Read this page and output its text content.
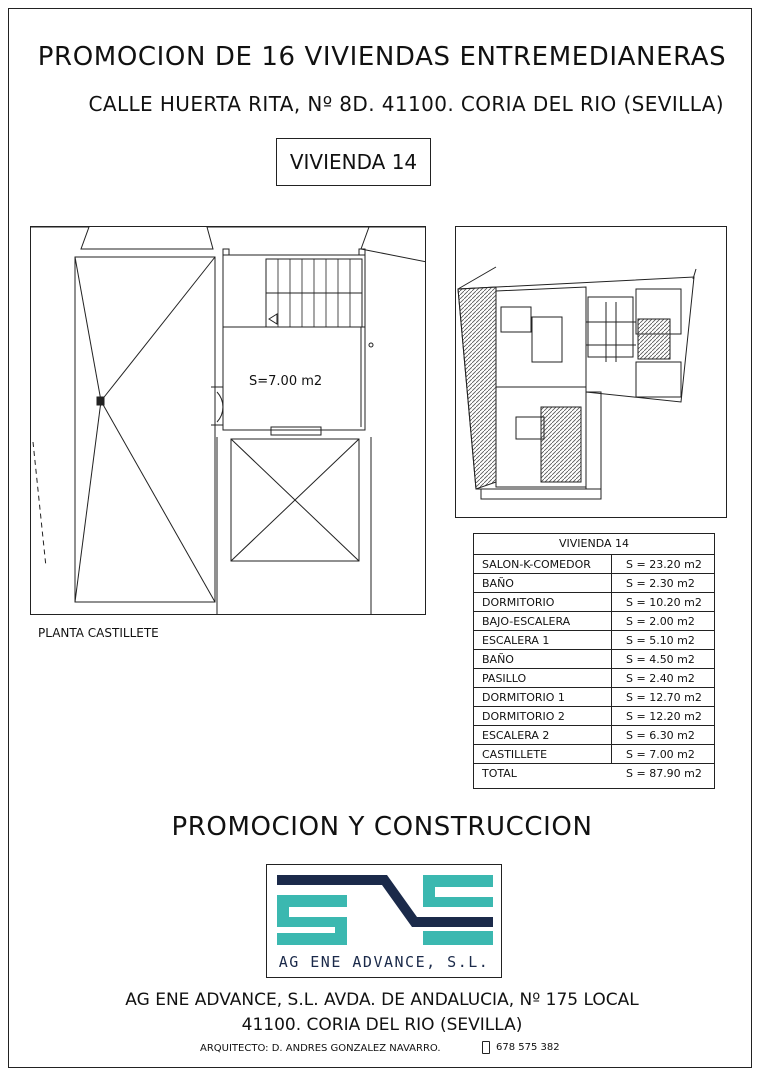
PROMOCION DE 16 VIVIENDAS ENTREMEDIANERAS
CALLE HUERTA RITA, Nº 8D. 41100. CORIA DEL RIO (SEVILLA)
VIVIENDA 14
S=7.00 m2
PLANTA CASTILLETE
VIVIENDA 14
SALON-K-COMEDOR	S = 23.20 m2
BAÑO	S = 2.30 m2
DORMITORIO	S = 10.20 m2
BAJO-ESCALERA	S = 2.00 m2
ESCALERA 1	S = 5.10 m2
BAÑO	S = 4.50 m2
PASILLO	S = 2.40 m2
DORMITORIO 1	S = 12.70 m2
DORMITORIO 2	S = 12.20 m2
ESCALERA 2	S = 6.30 m2
CASTILLETE	S = 7.00 m2
TOTAL	S = 87.90 m2
PROMOCION Y CONSTRUCCION
AG ENE ADVANCE, S.L.
AG ENE ADVANCE, S.L. AVDA. DE ANDALUCIA, Nº 175 LOCAL
41100. CORIA DEL RIO (SEVILLA)
ARQUITECTO: D. ANDRES GONZALEZ NAVARRO.	678 575 382
